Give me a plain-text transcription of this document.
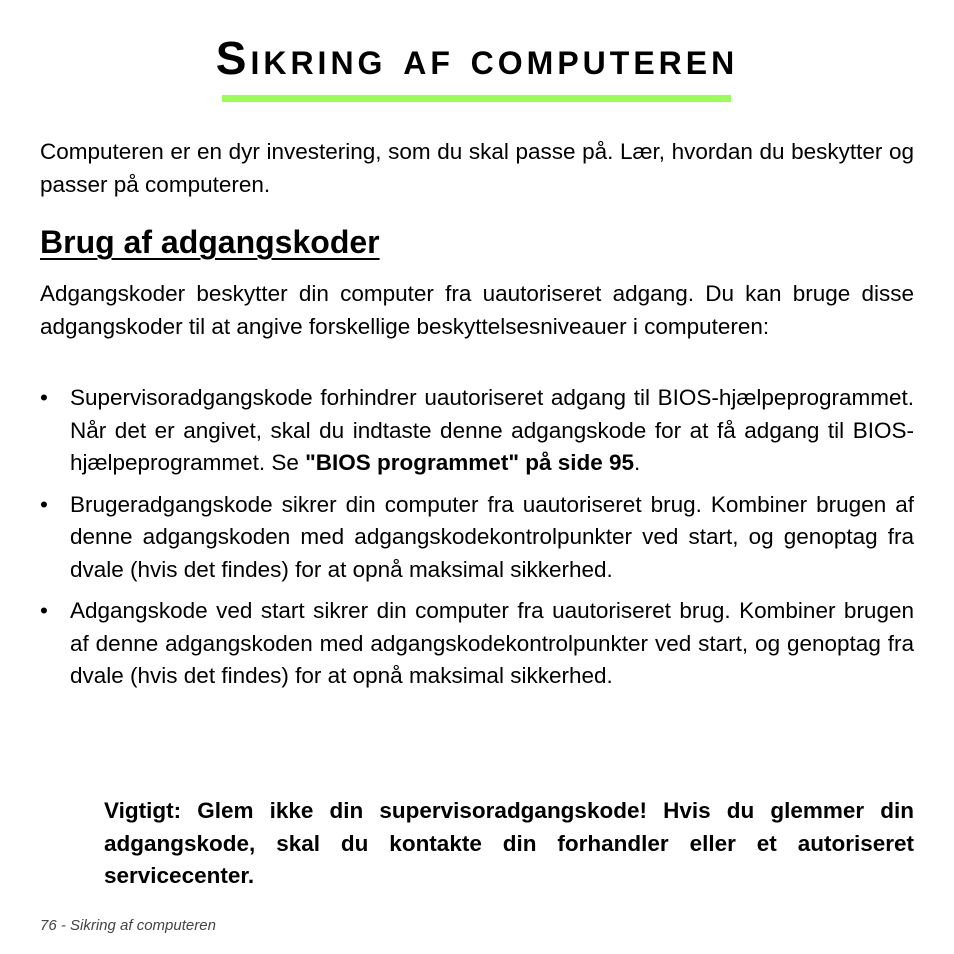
Sikring af computeren

Computeren er en dyr investering, som du skal passe på. Lær, hvordan du beskytter og passer på computeren.

Brug af adgangskoder

Adgangskoder beskytter din computer fra uautoriseret adgang. Du kan bruge disse adgangskoder til at angive forskellige beskyttelsesniveauer i computeren:

• Supervisoradgangskode forhindrer uautoriseret adgang til BIOS-hjælpeprogrammet. Når det er angivet, skal du indtaste denne adgangskode for at få adgang til BIOS-hjælpeprogrammet. Se "BIOS programmet" på side 95.
• Brugeradgangskode sikrer din computer fra uautoriseret brug. Kombiner brugen af denne adgangskoden med adgangskodekontrolpunkter ved start, og genoptag fra dvale (hvis det findes) for at opnå maksimal sikkerhed.
• Adgangskode ved start sikrer din computer fra uautoriseret brug. Kombiner brugen af denne adgangskoden med adgangskodekontrolpunkter ved start, og genoptag fra dvale (hvis det findes) for at opnå maksimal sikkerhed.

Vigtigt: Glem ikke din supervisoradgangskode! Hvis du glemmer din adgangskode, skal du kontakte din forhandler eller et autoriseret servicecenter.

76 - Sikring af computeren
